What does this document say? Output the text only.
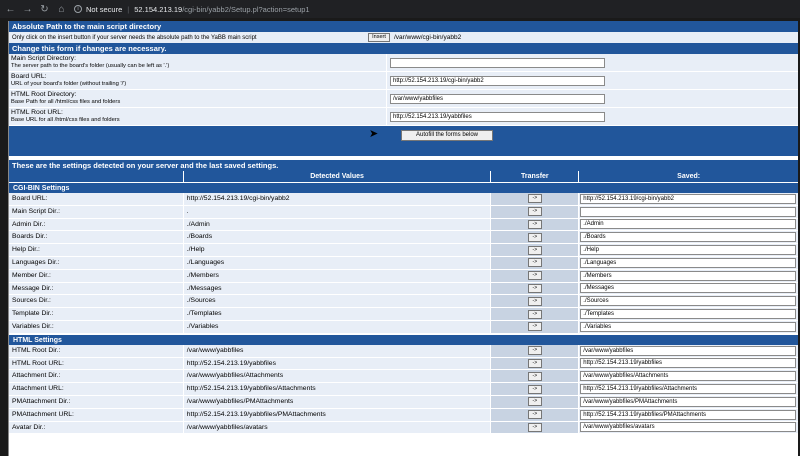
← → ↻ ⌂	i Not secure | 52.154.213.19 /cgi-bin/yabb2/Setup.pl?action=setup1
Absolute Path to the main script directory
Only click on the insert button if your server needs the absolute path to the YaBB main script	Insert	/var/www/cgi-bin/yabb2
Change this form if changes are necessary.
Main Script Directory:
The server path to the board's folder (usually can be left as '.')
Board URL:
URL of your board's folder (without trailing '/')
http://52.154.213.19/cgi-bin/yabb2
HTML Root Directory:
Base Path for all /html/css files and folders
/var/www/yabbfiles
HTML Root URL:
Base URL for all /html/css files and folders
http://52.154.213.19/yabbfiles
Autofill the forms below
➤
These are the settings detected on your server and the last saved settings.
Detected Values	Transfer	Saved:
CGI-BIN Settings
Board URL:	http://52.154.213.19/cgi-bin/yabb2	->	http://52.154.213.19/cgi-bin/yabb2
Main Script Dir.:	.	->
Admin Dir.:	./Admin	->	./Admin
Boards Dir.:	./Boards	->	./Boards
Help Dir.:	./Help	->	./Help
Languages Dir.:	./Languages	->	./Languages
Member Dir.:	./Members	->	./Members
Message Dir.:	./Messages	->	./Messages
Sources Dir.:	./Sources	->	./Sources
Template Dir.:	./Templates	->	./Templates
Variables Dir.:	./Variables	->	./Variables
HTML Settings
HTML Root Dir.:	/var/www/yabbfiles	->	/var/www/yabbfiles
HTML Root URL:	http://52.154.213.19/yabbfiles	->	http://52.154.213.19/yabbfiles
Attachment Dir.:	/var/www/yabbfiles/Attachments	->	/var/www/yabbfiles/Attachments
Attachment URL:	http://52.154.213.19/yabbfiles/Attachments	->	http://52.154.213.19/yabbfiles/Attachments
PMAttachment Dir.:	/var/www/yabbfiles/PMAttachments	->	/var/www/yabbfiles/PMAttachments
PMAttachment URL:	http://52.154.213.19/yabbfiles/PMAttachments	->	http://52.154.213.19/yabbfiles/PMAttachments
Avatar Dir.:	/var/www/yabbfiles/avatars	->	/var/www/yabbfiles/avatars
